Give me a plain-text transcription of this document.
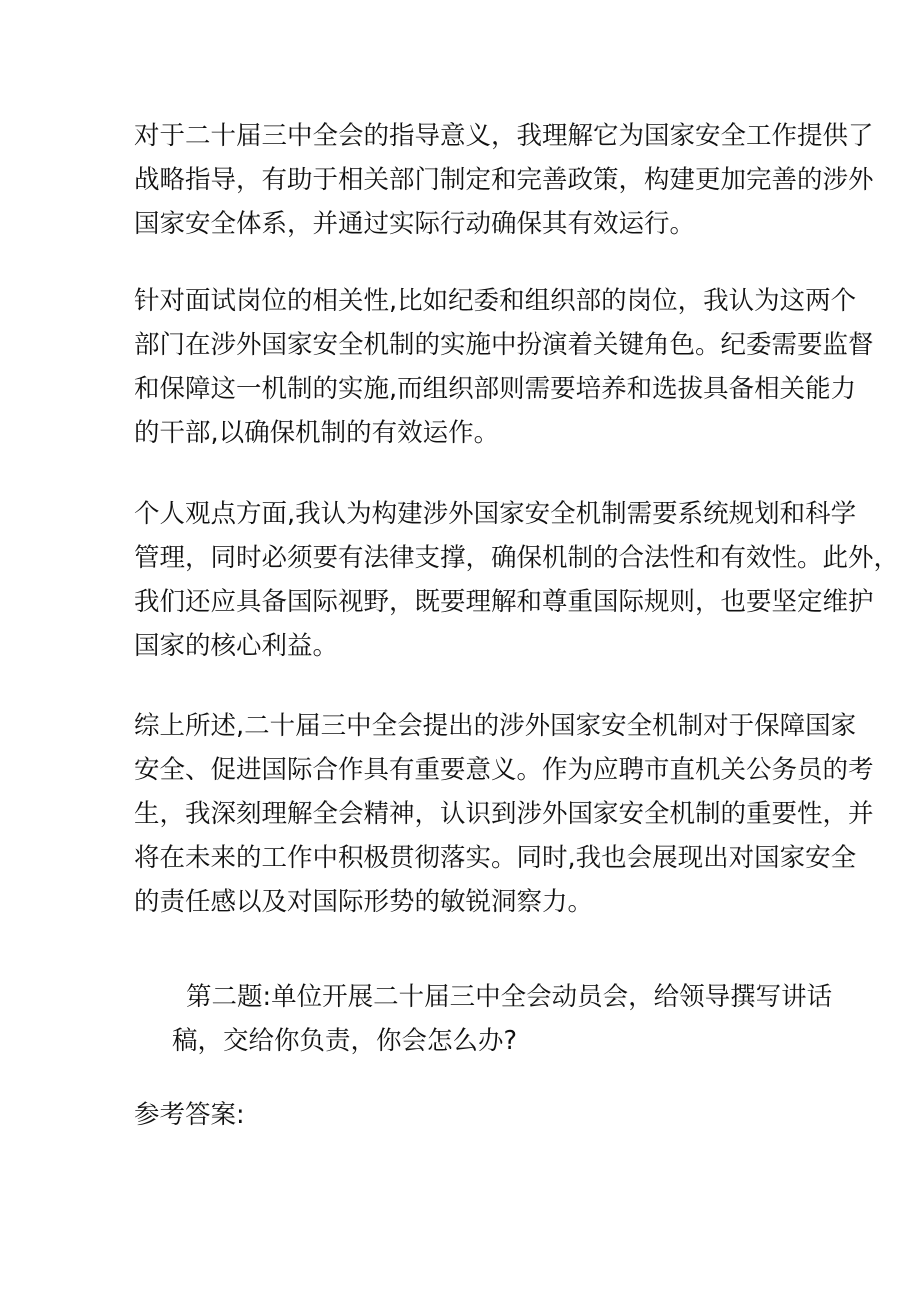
对于二十届三中全会的指导意义，我理解它为国家安全工作提供了
战略指导，有助于相关部门制定和完善政策，构建更加完善的涉外
国家安全体系，并通过实际行动确保其有效运行。

针对面试岗位的相关性,比如纪委和组织部的岗位，我认为这两个
部门在涉外国家安全机制的实施中扮演着关键角色。纪委需要监督
和保障这一机制的实施,而组织部则需要培养和选拔具备相关能力
的干部,以确保机制的有效运作。

个人观点方面,我认为构建涉外国家安全机制需要系统规划和科学
管理，同时必须要有法律支撑，确保机制的合法性和有效性。此外，
我们还应具备国际视野，既要理解和尊重国际规则，也要坚定维护
国家的核心利益。

综上所述,二十届三中全会提出的涉外国家安全机制对于保障国家
安全、促进国际合作具有重要意义。作为应聘市直机关公务员的考
生，我深刻理解全会精神，认识到涉外国家安全机制的重要性，并
将在未来的工作中积极贯彻落实。同时,我也会展现出对国家安全
的责任感以及对国际形势的敏锐洞察力。

第二题:单位开展二十届三中全会动员会，给领导撰写讲话
稿，交给你负责，你会怎么办?

参考答案:
